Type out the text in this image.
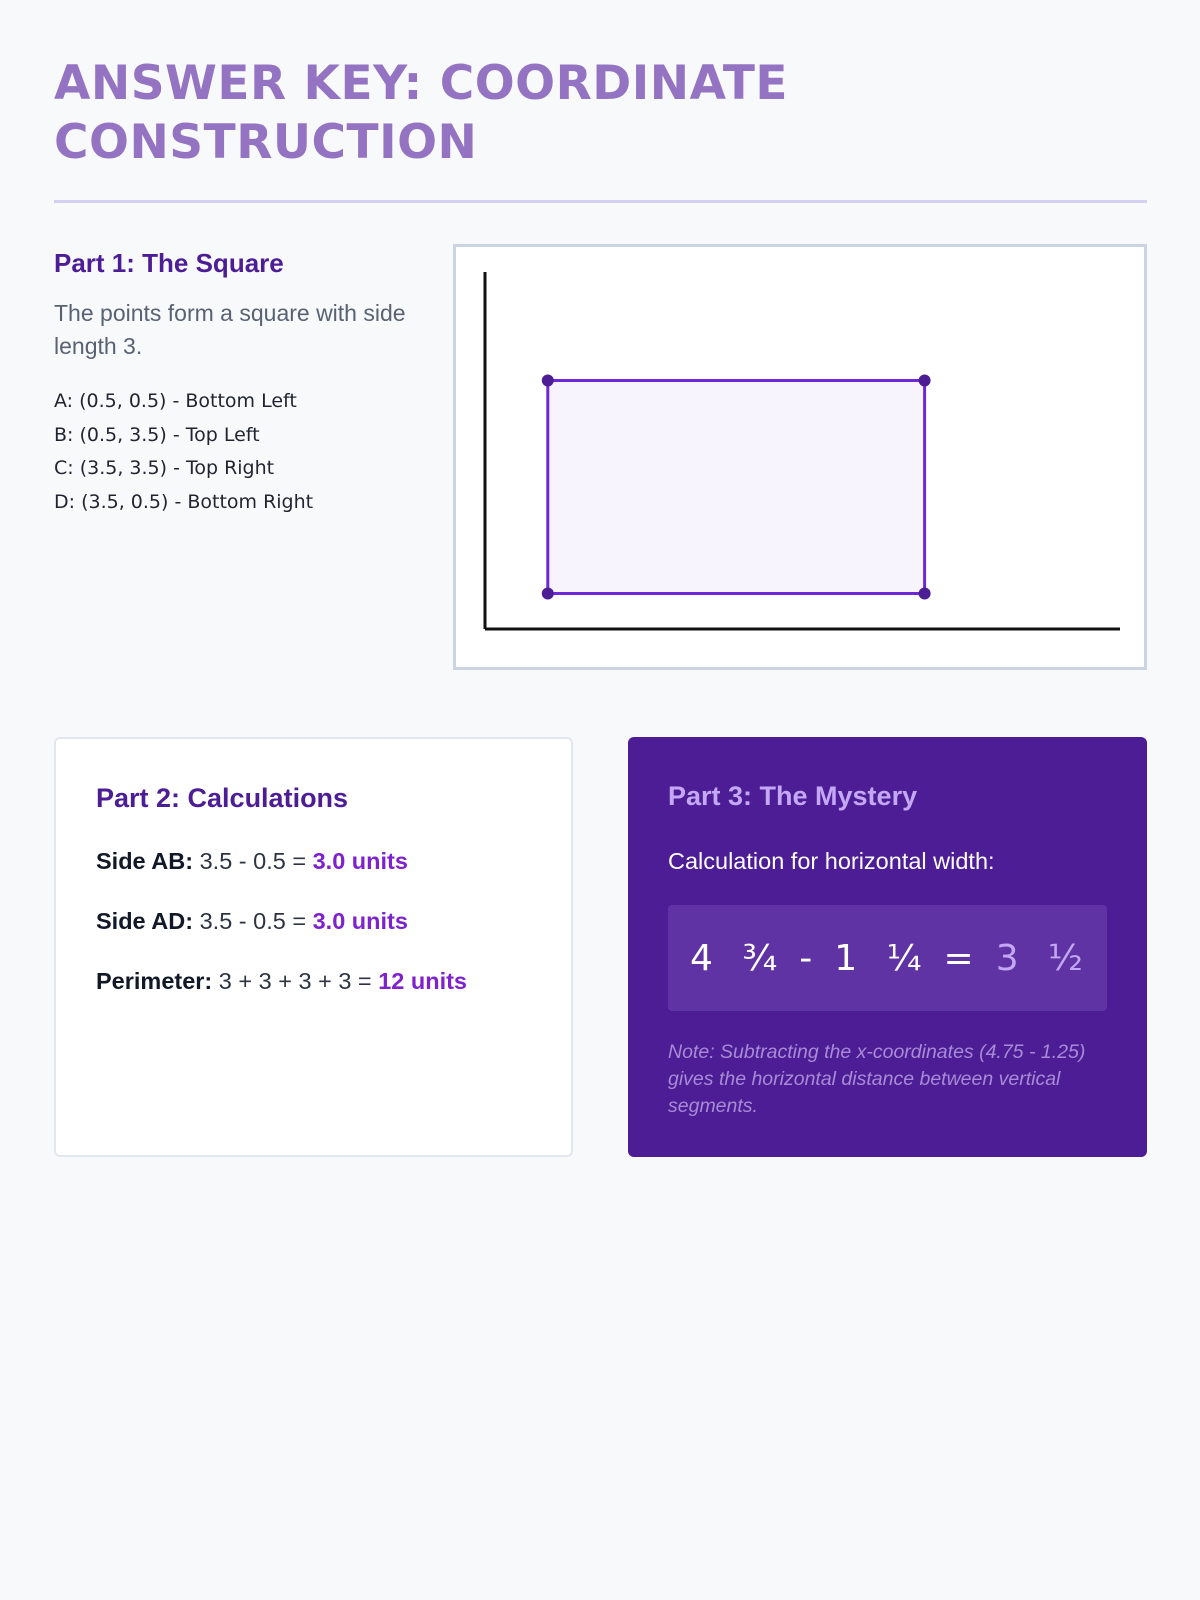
ANSWER KEY: COORDINATE CONSTRUCTION
Part 1: The Square

The points form a square with side length 3.

A: (0.5, 0.5) - Bottom Left
B: (0.5, 3.5) - Top Left
C: (3.5, 3.5) - Top Right
D: (3.5, 0.5) - Bottom Right
Part 2: Calculations

Side AB: 3.5 - 0.5 = 3.0 units

Side AD: 3.5 - 0.5 = 3.0 units

Perimeter: 3 + 3 + 3 + 3 = 12 units

Part 3: The Mystery

Calculation for horizontal width:

4 ¾ - 1 ¼ = 3 ½

Note: Subtracting the x-coordinates (4.75 - 1.25) gives the horizontal distance between vertical segments.
